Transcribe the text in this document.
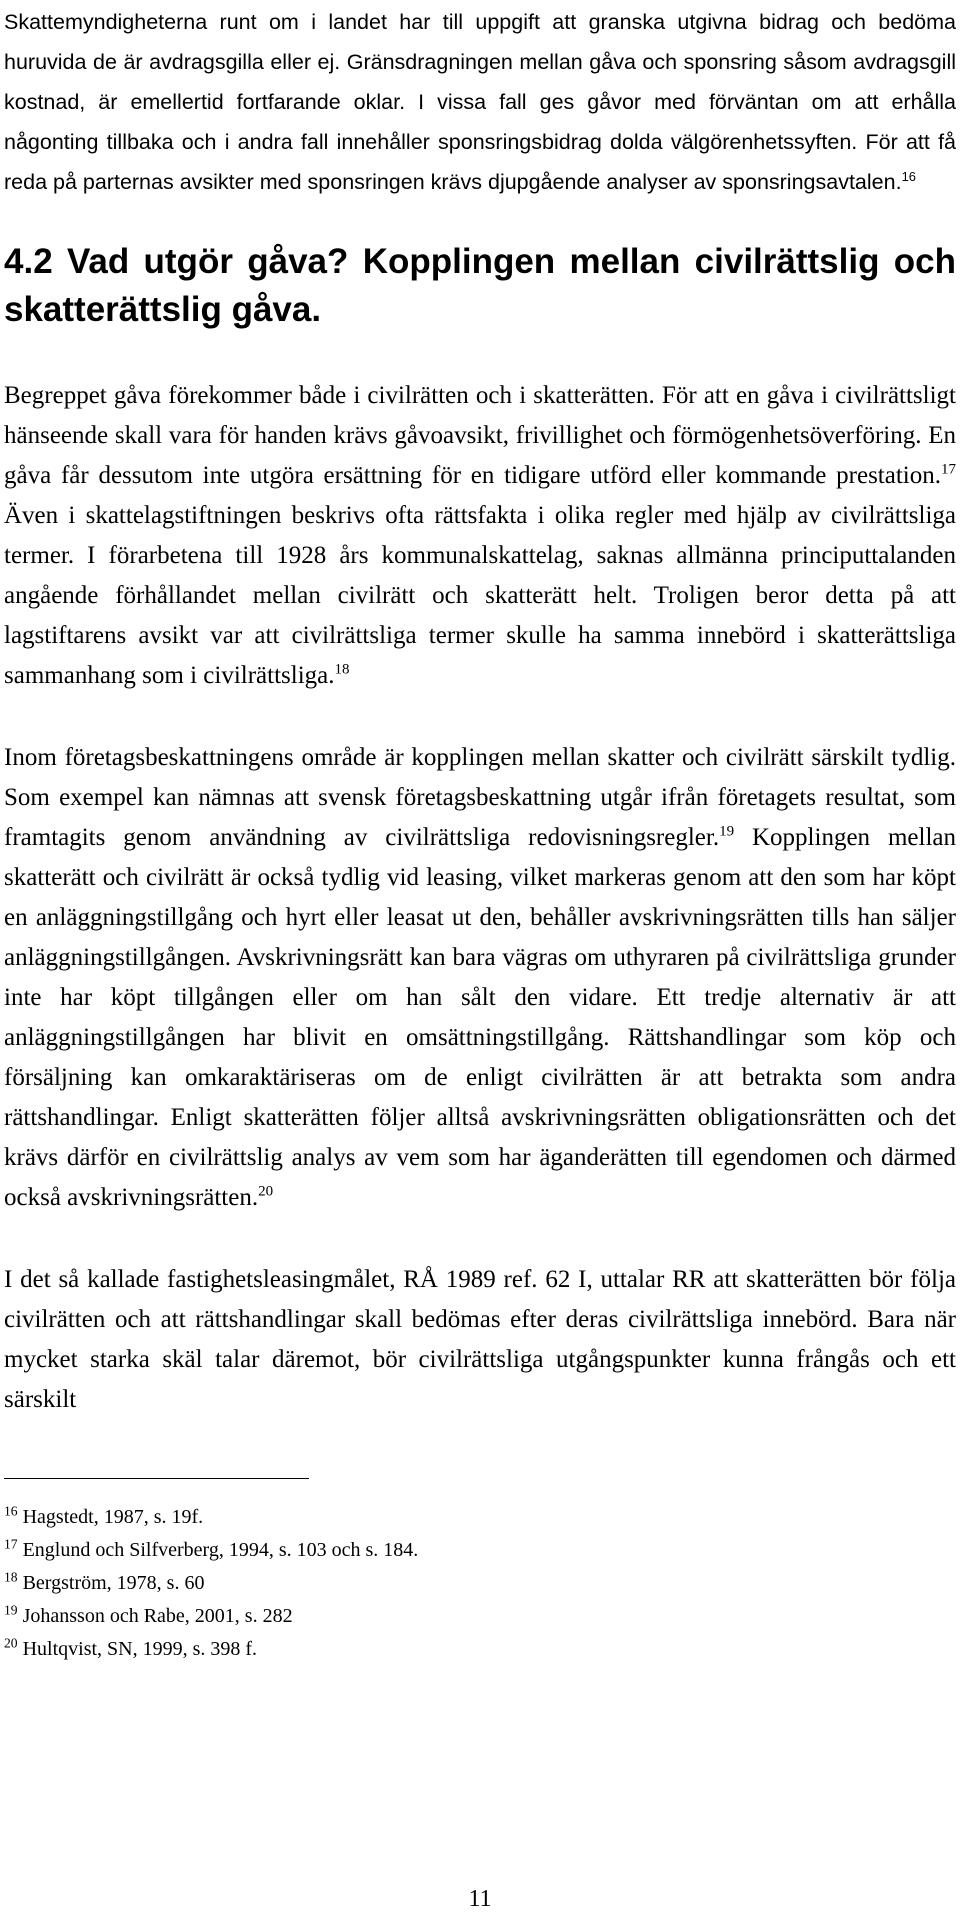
Skattemyndigheterna runt om i landet har till uppgift att granska utgivna bidrag och bedöma huruvida de är avdragsgilla eller ej. Gränsdragningen mellan gåva och sponsring såsom avdragsgill kostnad, är emellertid fortfarande oklar. I vissa fall ges gåvor med förväntan om att erhålla någonting tillbaka och i andra fall innehåller sponsringsbidrag dolda välgörenhetssyften. För att få reda på parternas avsikter med sponsringen krävs djupgående analyser av sponsringsavtalen.$^{16}$

4.2 Vad utgör gåva? Kopplingen mellan civilrättslig och skatterättslig gåva.

Begreppet gåva förekommer både i civilrätten och i skatterätten. För att en gåva i civilrättsligt hänseende skall vara för handen krävs gåvoavsikt, frivillighet och förmögenhetsöverföring. En gåva får dessutom inte utgöra ersättning för en tidigare utförd eller kommande prestation.$^{17}$ Även i skattelagstiftningen beskrivs ofta rättsfakta i olika regler med hjälp av civilrättsliga termer. I förarbetena till 1928 års kommunalskattelag, saknas allmänna principuttalanden angående förhållandet mellan civilrätt och skatterätt helt. Troligen beror detta på att lagstiftarens avsikt var att civilrättsliga termer skulle ha samma innebörd i skatterättsliga sammanhang som i civilrättsliga.$^{18}$

Inom företagsbeskattningens område är kopplingen mellan skatter och civilrätt särskilt tydlig. Som exempel kan nämnas att svensk företagsbeskattning utgår ifrån företagets resultat, som framtagits genom användning av civilrättsliga redovisningsregler.$^{19}$ Kopplingen mellan skatterätt och civilrätt är också tydlig vid leasing, vilket markeras genom att den som har köpt en anläggningstillgång och hyrt eller leasat ut den, behåller avskrivningsrätten tills han säljer anläggningstillgången. Avskrivningsrätt kan bara vägras om uthyraren på civilrättsliga grunder inte har köpt tillgången eller om han sålt den vidare. Ett tredje alternativ är att anläggningstillgången har blivit en omsättningstillgång. Rättshandlingar som köp och försäljning kan omkaraktäriseras om de enligt civilrätten är att betrakta som andra rättshandlingar. Enligt skatterätten följer alltså avskrivningsrätten obligationsrätten och det krävs därför en civilrättslig analys av vem som har äganderätten till egendomen och därmed också avskrivningsrätten.$^{20}$

I det så kallade fastighetsleasingmålet, RÅ 1989 ref. 62 I, uttalar RR att skatterätten bör följa civilrätten och att rättshandlingar skall bedömas efter deras civilrättsliga innebörd. Bara när mycket starka skäl talar däremot, bör civilrättsliga utgångspunkter kunna frångås och ett särskilt

$^{16}$ Hagstedt, 1987, s. 19f.
$^{17}$ Englund och Silfverberg, 1994, s. 103 och s. 184.
$^{18}$ Bergström, 1978, s. 60
$^{19}$ Johansson och Rabe, 2001, s. 282
$^{20}$ Hultqvist, SN, 1999, s. 398 f.
11
